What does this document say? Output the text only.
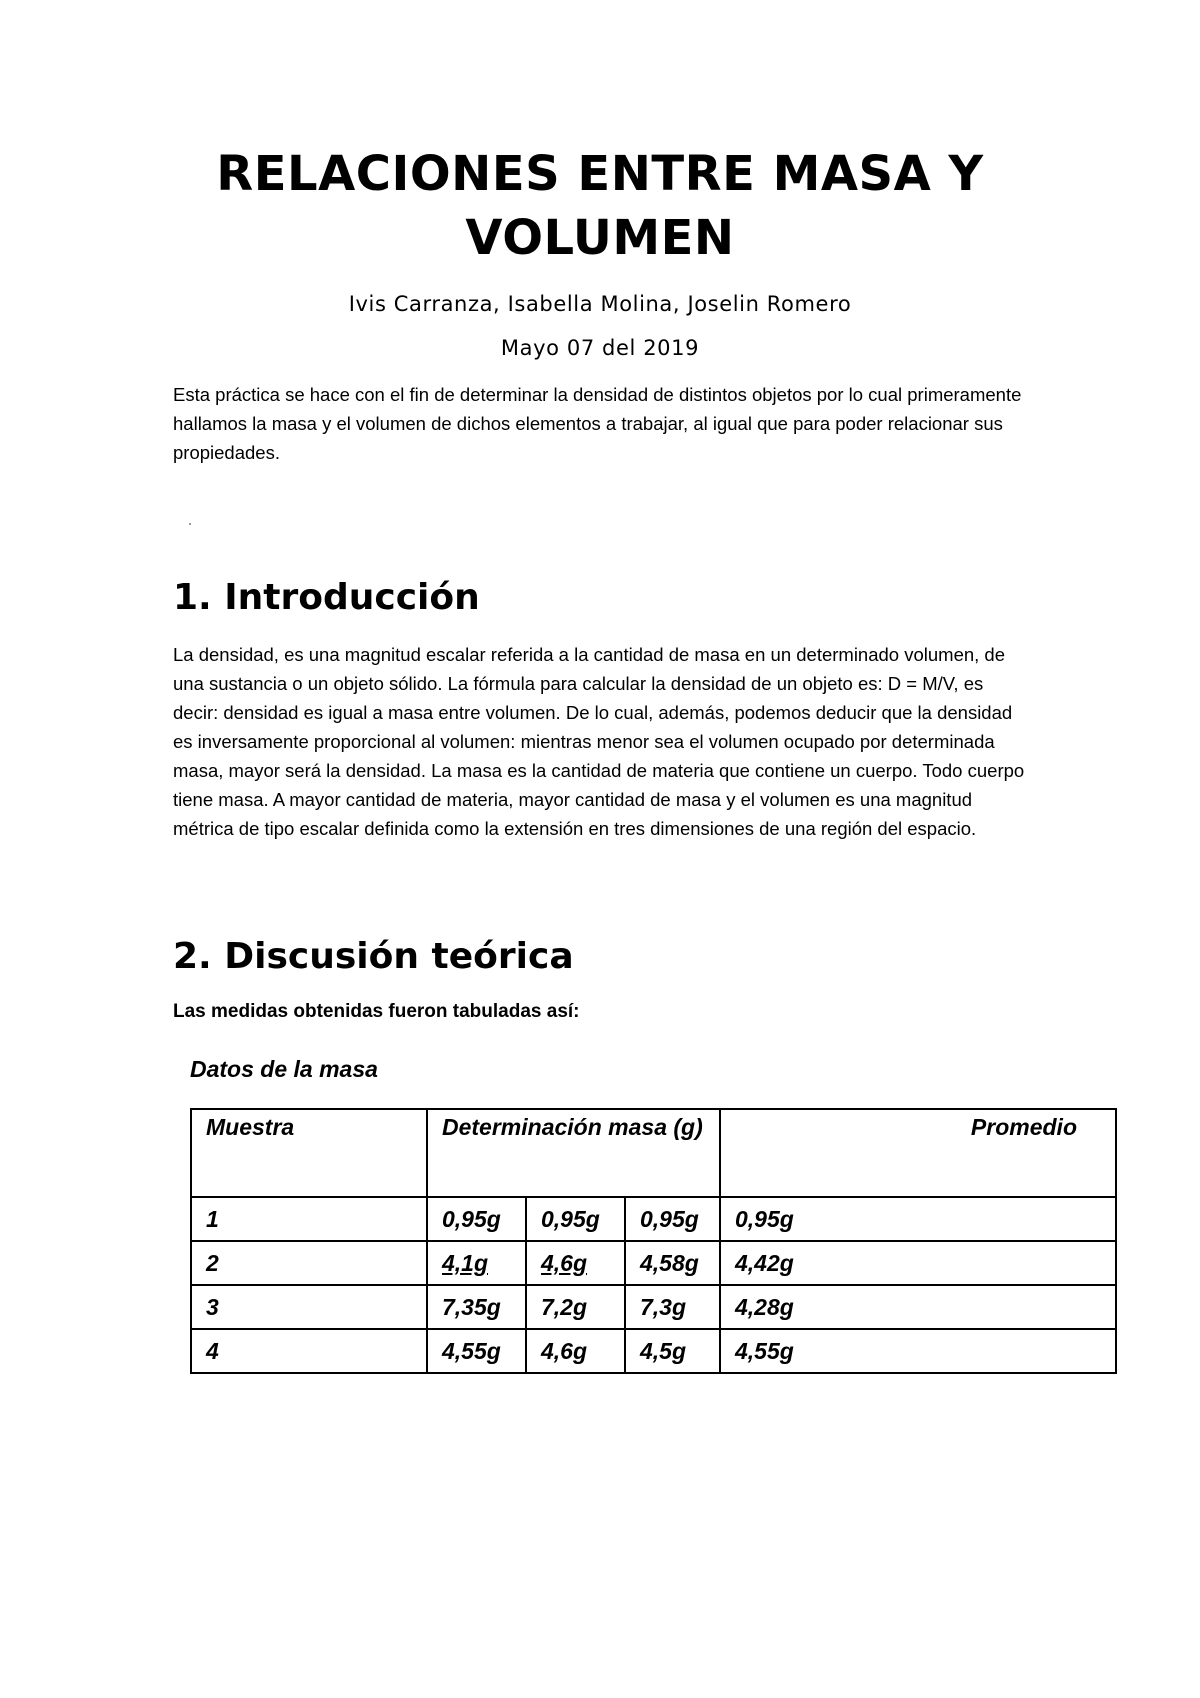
RELACIONES ENTRE MASA Y
VOLUMEN
Ivis Carranza, Isabella Molina, Joselin Romero
Mayo 07 del 2019

Esta práctica se hace con el fin de determinar la densidad de distintos objetos por lo cual primeramente hallamos la masa y el volumen de dichos elementos a trabajar, al igual que para poder relacionar sus propiedades.

1. Introducción

La densidad, es una magnitud escalar referida a la cantidad de masa en un determinado volumen, de una sustancia o un objeto sólido. La fórmula para calcular la densidad de un objeto es: D = M/V, es decir: densidad es igual a masa entre volumen. De lo cual, además, podemos deducir que la densidad es inversamente proporcional al volumen: mientras menor sea el volumen ocupado por determinada masa, mayor será la densidad. La masa es la cantidad de materia que contiene un cuerpo. Todo cuerpo tiene masa. A mayor cantidad de materia, mayor cantidad de masa y el volumen es una magnitud métrica de tipo escalar definida como la extensión en tres dimensiones de una región del espacio.

2. Discusión teórica
Las medidas obtenidas fueron tabuladas así:
Datos de la masa
Muestra	Determinación masa (g)			Promedio
1	0,95g	0,95g	0,95g	0,95g
2	4,1g	4,6g	4,58g	4,42g
3	7,35g	7,2g	7,3g	4,28g
4	4,55g	4,6g	4,5g	4,55g
